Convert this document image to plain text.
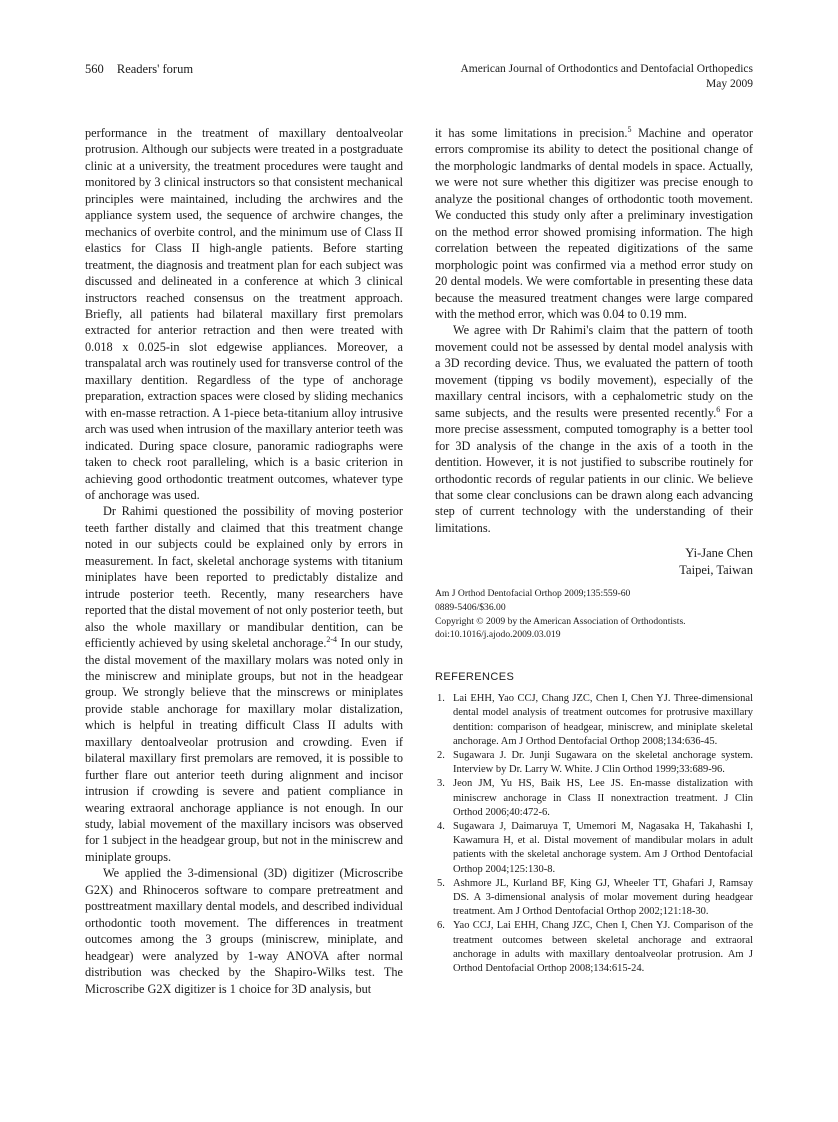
560 Readers' forum	American Journal of Orthodontics and Dentofacial Orthopedics
May 2009

performance in the treatment of maxillary dentoalveolar protrusion. Although our subjects were treated in a postgraduate clinic at a university, the treatment procedures were taught and monitored by 3 clinical instructors so that consistent mechanical principles were maintained, including the archwires and the appliance system used, the sequence of archwire changes, the mechanics of overbite control, and the minimum use of Class II elastics for Class II high-angle patients. Before starting treatment, the diagnosis and treatment plan for each subject was discussed and delineated in a conference at which 3 clinical instructors reached consensus on the treatment approach. Briefly, all patients had bilateral maxillary first premolars extracted for anterior retraction and then were treated with 0.018 x 0.025-in slot edgewise appliances. Moreover, a transpalatal arch was routinely used for transverse control of the maxillary dentition. Regardless of the type of anchorage preparation, extraction spaces were closed by sliding mechanics with en-masse retraction. A 1-piece beta-titanium alloy intrusive arch was used when intrusion of the maxillary anterior teeth was indicated. During space closure, panoramic radiographs were taken to check root paralleling, which is a basic criterion in achieving good orthodontic treatment outcomes, whatever type of anchorage was used.

Dr Rahimi questioned the possibility of moving posterior teeth farther distally and claimed that this treatment change noted in our subjects could be explained only by errors in measurement. In fact, skeletal anchorage systems with titanium miniplates have been reported to predictably distalize and intrude posterior teeth. Recently, many researchers have reported that the distal movement of not only posterior teeth, but also the whole maxillary or mandibular dentition, can be efficiently achieved by using skeletal anchorage.$^{2-4}$ In our study, the distal movement of the maxillary molars was noted only in the miniscrew and miniplate groups, but not in the headgear group. We strongly believe that the minscrews or miniplates provide stable anchorage for maxillary molar distalization, which is helpful in treating difficult Class II adults with maxillary dentoalveolar protrusion and crowding. Even if bilateral maxillary first premolars are removed, it is possible to further flare out anterior teeth during alignment and incisor intrusion if crowding is severe and patient compliance in wearing extraoral anchorage appliance is not enough. In our study, labial movement of the maxillary incisors was observed for 1 subject in the headgear group, but not in the miniscrew and miniplate groups.

We applied the 3-dimensional (3D) digitizer (Microscribe G2X) and Rhinoceros software to compare pretreatment and posttreatment maxillary dental models, and described individual orthodontic tooth movement. The differences in treatment outcomes among the 3 groups (miniscrew, miniplate, and headgear) were analyzed by 1-way ANOVA after normal distribution was checked by the Shapiro-Wilks test. The Microscribe G2X digitizer is 1 choice for 3D analysis, but

it has some limitations in precision.$^5$ Machine and operator errors compromise its ability to detect the positional change of the morphologic landmarks of dental models in space. Actually, we were not sure whether this digitizer was precise enough to analyze the positional changes of orthodontic tooth movement. We conducted this study only after a preliminary investigation on the method error showed promising information. The high correlation between the repeated digitizations of the same morphologic point was confirmed via a method error study on 20 dental models. We were comfortable in presenting these data because the measured treatment changes were large compared with the method error, which was 0.04 to 0.19 mm.

We agree with Dr Rahimi's claim that the pattern of tooth movement could not be assessed by dental model analysis with a 3D recording device. Thus, we evaluated the pattern of tooth movement (tipping vs bodily movement), especially of the maxillary central incisors, with a cephalometric study on the same subjects, and the results were presented recently.$^6$ For a more precise assessment, computed tomography is a better tool for 3D analysis of the change in the axis of a tooth in the dentition. However, it is not justified to subscribe routinely for orthodontic records of regular patients in our clinic. We believe that some clear conclusions can be drawn along each advancing step of current technology with the understanding of their limitations.

Yi-Jane Chen
Taipei, Taiwan
Am J Orthod Dentofacial Orthop 2009;135:559-60
0889-5406/$36.00
Copyright © 2009 by the American Association of Orthodontists.
doi:10.1016/j.ajodo.2009.03.019
REFERENCES
1. Lai EHH, Yao CCJ, Chang JZC, Chen I, Chen YJ. Three-dimensional dental model analysis of treatment outcomes for protrusive maxillary dentition: comparison of headgear, miniscrew, and miniplate skeletal anchorage. Am J Orthod Dentofacial Orthop 2008;134:636-45.
2. Sugawara J. Dr. Junji Sugawara on the skeletal anchorage system. Interview by Dr. Larry W. White. J Clin Orthod 1999;33:689-96.
3. Jeon JM, Yu HS, Baik HS, Lee JS. En-masse distalization with miniscrew anchorage in Class II nonextraction treatment. J Clin Orthod 2006;40:472-6.
4. Sugawara J, Daimaruya T, Umemori M, Nagasaka H, Takahashi I, Kawamura H, et al. Distal movement of mandibular molars in adult patients with the skeletal anchorage system. Am J Orthod Dentofacial Orthop 2004;125:130-8.
5. Ashmore JL, Kurland BF, King GJ, Wheeler TT, Ghafari J, Ramsay DS. A 3-dimensional analysis of molar movement during headgear treatment. Am J Orthod Dentofacial Orthop 2002;121:18-30.
6. Yao CCJ, Lai EHH, Chang JZC, Chen I, Chen YJ. Comparison of the treatment outcomes between skeletal anchorage and extraoral anchorage in adults with maxillary dentoalveolar protrusion. Am J Orthod Dentofacial Orthop 2008;134:615-24.
